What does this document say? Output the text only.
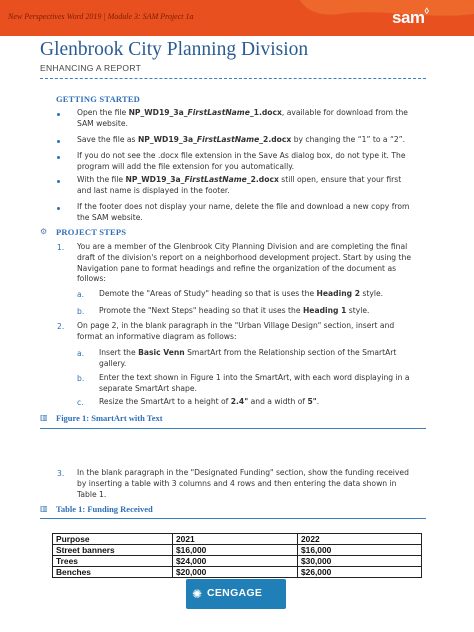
New Perspectives Word 2019 | Module 3: SAM Project 1a	sam◊
Glenbrook City Planning Division
ENHANCING A REPORT
GETTING STARTED
Open the file NP_WD19_3a_FirstLastName_1.docx, available for download from the
SAM website.
Save the file as NP_WD19_3a_FirstLastName_2.docx by changing the “1” to a “2”.
If you do not see the .docx file extension in the Save As dialog box, do not type it. The
program will add the file extension for you automatically.
With the file NP_WD19_3a_FirstLastName_2.docx still open, ensure that your first
and last name is displayed in the footer.
If the footer does not display your name, delete the file and download a new copy from
the SAM website.
⚙ PROJECT STEPS
1. You are a member of the Glenbrook City Planning Division and are completing the final
draft of the division's report on a neighborhood development project. Start by using the
Navigation pane to format headings and refine the organization of the document as
follows:
a. Demote the "Areas of Study" heading so that is uses the Heading 2 style.
b. Promote the "Next Steps" heading so that it uses the Heading 1 style.
2. On page 2, in the blank paragraph in the "Urban Village Design" section, insert and
format an informative diagram as follows:
a. Insert the Basic Venn SmartArt from the Relationship section of the SmartArt
gallery.
b. Enter the text shown in Figure 1 into the SmartArt, with each word displaying in a
separate SmartArt shape.
c. Resize the SmartArt to a height of 2.4" and a width of 5".
▥ Figure 1: SmartArt with Text
3. In the blank paragraph in the "Designated Funding" section, show the funding received
by inserting a table with 3 columns and 4 rows and then entering the data shown in
Table 1.
▥ Table 1: Funding Received
Purpose	2021	2022
Street banners	$16,000	$16,000
Trees	$24,000	$30,000
Benches	$20,000	$26,000
✺ CENGAGE
